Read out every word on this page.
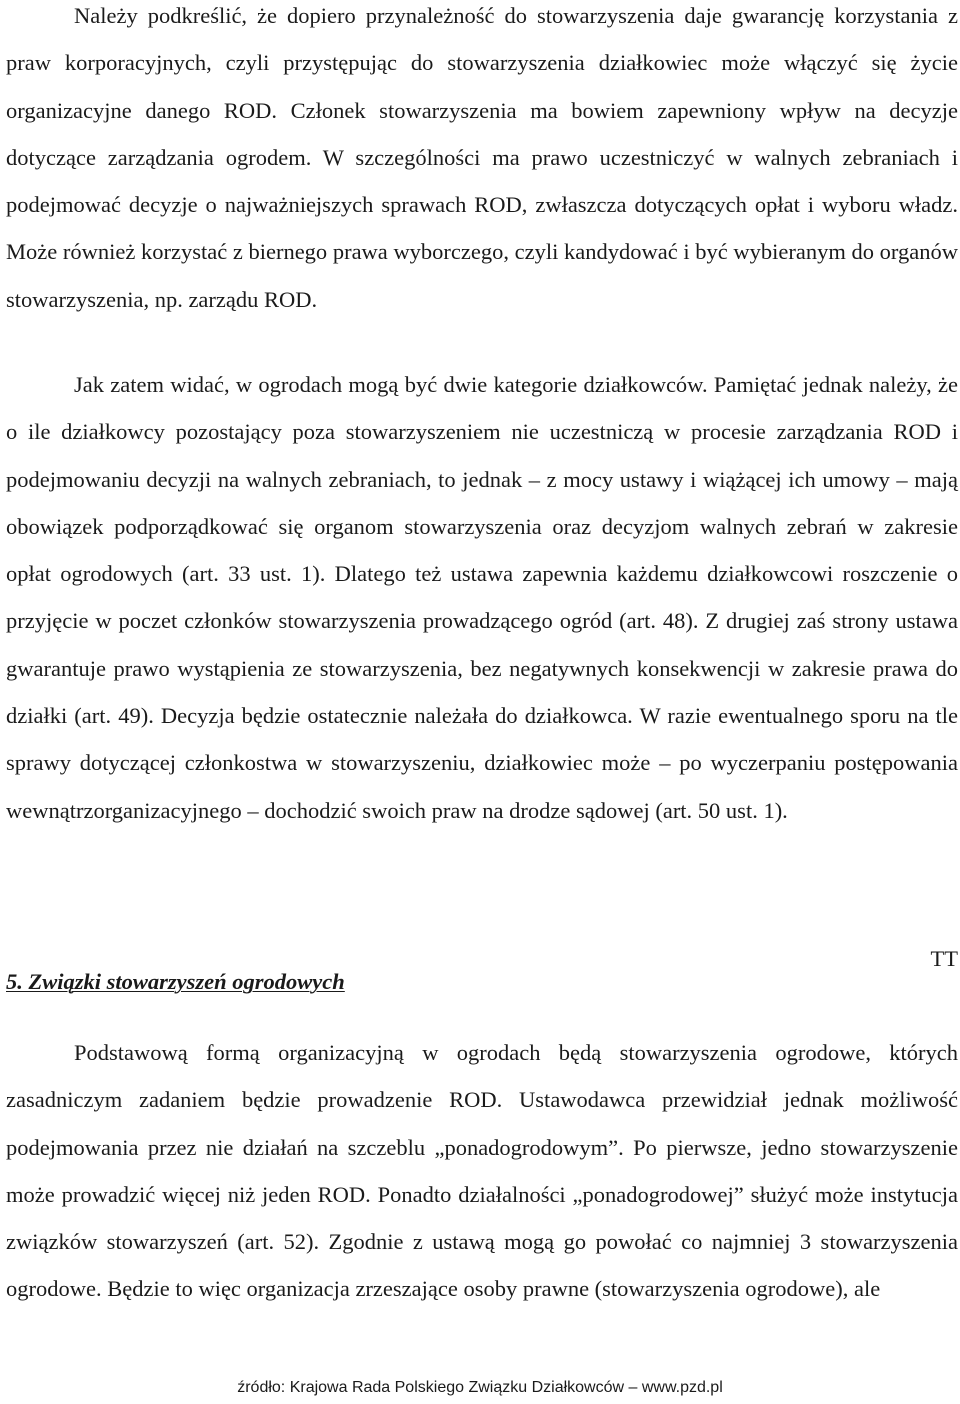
Należy podkreślić, że dopiero przynależność do stowarzyszenia daje gwarancję korzystania z praw korporacyjnych, czyli przystępując do stowarzyszenia działkowiec może włączyć się życie organizacyjne danego ROD. Członek stowarzyszenia ma bowiem zapewniony wpływ na decyzje dotyczące zarządzania ogrodem. W szczególności ma prawo uczestniczyć w walnych zebraniach i podejmować decyzje o najważniejszych sprawach ROD, zwłaszcza dotyczących opłat i wyboru władz. Może również korzystać z biernego prawa wyborczego, czyli kandydować i być wybieranym do organów stowarzyszenia, np. zarządu ROD.

Jak zatem widać, w ogrodach mogą być dwie kategorie działkowców. Pamiętać jednak należy, że o ile działkowcy pozostający poza stowarzyszeniem nie uczestniczą w procesie zarządzania ROD i podejmowaniu decyzji na walnych zebraniach, to jednak – z mocy ustawy i wiążącej ich umowy – mają obowiązek podporządkować się organom stowarzyszenia oraz decyzjom walnych zebrań w zakresie opłat ogrodowych (art. 33 ust. 1). Dlatego też ustawa zapewnia każdemu działkowcowi roszczenie o przyjęcie w poczet członków stowarzyszenia prowadzącego ogród (art. 48). Z drugiej zaś strony ustawa gwarantuje prawo wystąpienia ze stowarzyszenia, bez negatywnych konsekwencji w zakresie prawa do działki (art. 49). Decyzja będzie ostatecznie należała do działkowca. W razie ewentualnego sporu na tle sprawy dotyczącej członkostwa w stowarzyszeniu, działkowiec może – po wyczerpaniu postępowania wewnątrzorganizacyjnego – dochodzić swoich praw na drodze sądowej (art. 50 ust. 1).

TT
5. Związki stowarzyszeń ogrodowych

Podstawową formą organizacyjną w ogrodach będą stowarzyszenia ogrodowe, których zasadniczym zadaniem będzie prowadzenie ROD. Ustawodawca przewidział jednak możliwość podejmowania przez nie działań na szczeblu „ponadogrodowym”. Po pierwsze, jedno stowarzyszenie może prowadzić więcej niż jeden ROD. Ponadto działalności „ponadogrodowej” służyć może instytucja związków stowarzyszeń (art. 52). Zgodnie z ustawą mogą go powołać co najmniej 3 stowarzyszenia ogrodowe. Będzie to więc organizacja zrzeszające osoby prawne (stowarzyszenia ogrodowe), ale

źródło: Krajowa Rada Polskiego Związku Działkowców – www.pzd.pl
